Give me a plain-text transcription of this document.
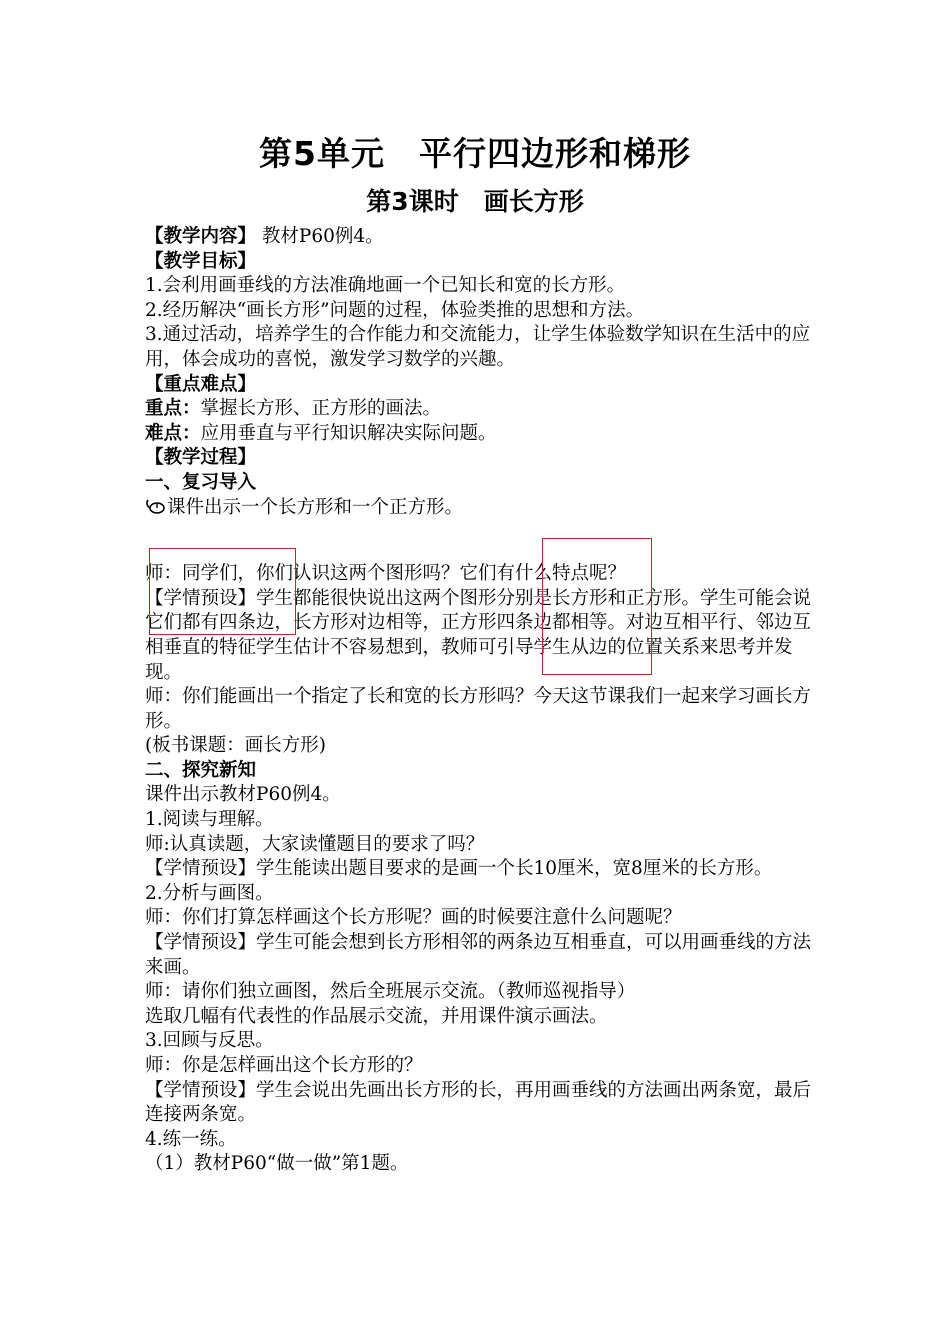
第5单元　平行四边形和梯形
第3课时　画长方形

【教学内容】 教材P60例4。

【教学目标】

1.会利用画垂线的方法准确地画一个已知长和宽的长方形。

2.经历解决“画长方形”问题的过程，体验类推的思想和方法。

3.通过活动，培养学生的合作能力和交流能力，让学生体验数学知识在生活中的应用，体会成功的喜悦，激发学习数学的兴趣。

【重点难点】

重点：掌握长方形、正方形的画法。

难点：应用垂直与平行知识解决实际问题。

【教学过程】

一、复习导入

课件出示一个长方形和一个正方形。

师：同学们，你们认识这两个图形吗？它们有什么特点呢？

【学情预设】学生都能很快说出这两个图形分别是长方形和正方形。学生可能会说它们都有四条边，长方形对边相等，正方形四条边都相等。对边互相平行、邻边互相垂直的特征学生估计不容易想到，教师可引导学生从边的位置关系来思考并发现。

师：你们能画出一个指定了长和宽的长方形吗？今天这节课我们一起来学习画长方形。

(板书课题：画长方形)

二、探究新知

课件出示教材P60例4。

1.阅读与理解。

师:认真读题，大家读懂题目的要求了吗？

【学情预设】学生能读出题目要求的是画一个长10厘米，宽8厘米的长方形。

2.分析与画图。

师：你们打算怎样画这个长方形呢？画的时候要注意什么问题呢？

【学情预设】学生可能会想到长方形相邻的两条边互相垂直，可以用画垂线的方法来画。

师：请你们独立画图，然后全班展示交流。（教师巡视指导）

选取几幅有代表性的作品展示交流，并用课件演示画法。

3.回顾与反思。

师：你是怎样画出这个长方形的？

【学情预设】学生会说出先画出长方形的长，再用画垂线的方法画出两条宽，最后连接两条宽。

4.练一练。

（1）教材P60“做一做”第1题。
